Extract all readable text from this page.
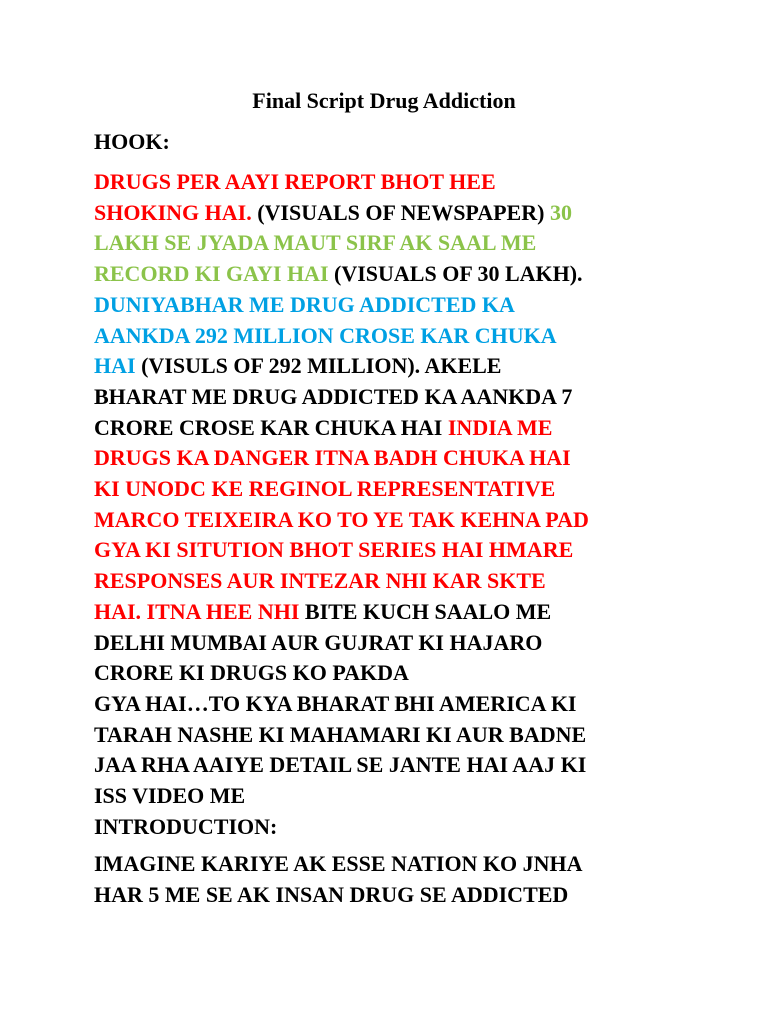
Final Script Drug Addiction
HOOK:
DRUGS PER AAYI REPORT BHOT HEE
SHOKING HAI. (VISUALS OF NEWSPAPER) 30
LAKH SE JYADA MAUT SIRF AK SAAL ME
RECORD KI GAYI HAI (VISUALS OF 30 LAKH).
DUNIYABHAR ME DRUG ADDICTED KA
AANKDA 292 MILLION CROSE KAR CHUKA
HAI (VISULS OF 292 MILLION). AKELE
BHARAT ME DRUG ADDICTED KA AANKDA 7
CRORE CROSE KAR CHUKA HAI INDIA ME
DRUGS KA DANGER ITNA BADH CHUKA HAI
KI UNODC KE REGINOL REPRESENTATIVE
MARCO TEIXEIRA KO TO YE TAK KEHNA PAD
GYA KI SITUTION BHOT SERIES HAI HMARE
RESPONSES AUR INTEZAR NHI KAR SKTE
HAI. ITNA HEE NHI BITE KUCH SAALO ME
DELHI MUMBAI AUR GUJRAT KI HAJARO
CRORE KI DRUGS KO PAKDA
GYA HAI…TO KYA BHARAT BHI AMERICA KI
TARAH NASHE KI MAHAMARI KI AUR BADNE
JAA RHA AAIYE DETAIL SE JANTE HAI AAJ KI
ISS VIDEO ME
INTRODUCTION:
IMAGINE KARIYE AK ESSE NATION KO JNHA
HAR 5 ME SE AK INSAN DRUG SE ADDICTED
